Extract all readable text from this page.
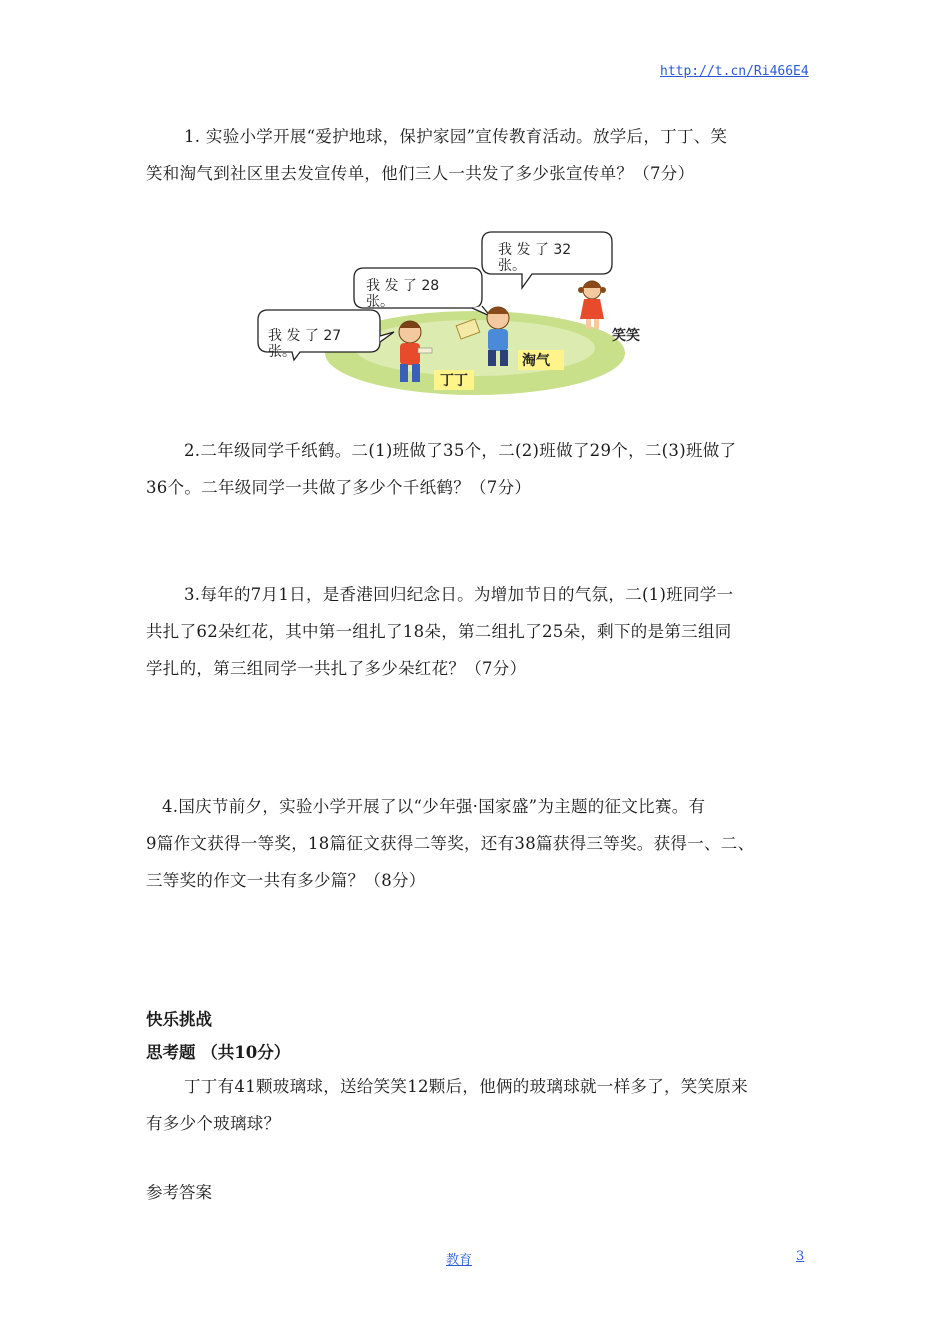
http://t.cn/Ri466E4
1. 实验小学开展“爱护地球，保护家园”宣传教育活动。放学后，丁丁、笑
笑和淘气到社区里去发宣传单，他们三人一共发了多少张宣传单？（7分）
我 发 了 27
张。
我 发 了 28
张。
我 发 了 32
张。
丁丁
淘气
笑笑
2.二年级同学千纸鹤。二(1)班做了35个，二(2)班做了29个，二(3)班做了
36个。二年级同学一共做了多少个千纸鹤？（7分）
3.每年的7月1日，是香港回归纪念日。为增加节日的气氛，二(1)班同学一
共扎了62朵红花，其中第一组扎了18朵，第二组扎了25朵，剩下的是第三组同
学扎的，第三组同学一共扎了多少朵红花？（7分）
4.国庆节前夕，实验小学开展了以“少年强·国家盛”为主题的征文比赛。有
9篇作文获得一等奖，18篇征文获得二等奖，还有38篇获得三等奖。获得一、二、
三等奖的作文一共有多少篇？（8分）
快乐挑战
思考题 （共10分）
丁丁有41颗玻璃球，送给笑笑12颗后，他俩的玻璃球就一样多了，笑笑原来
有多少个玻璃球？
参考答案
教育	3
